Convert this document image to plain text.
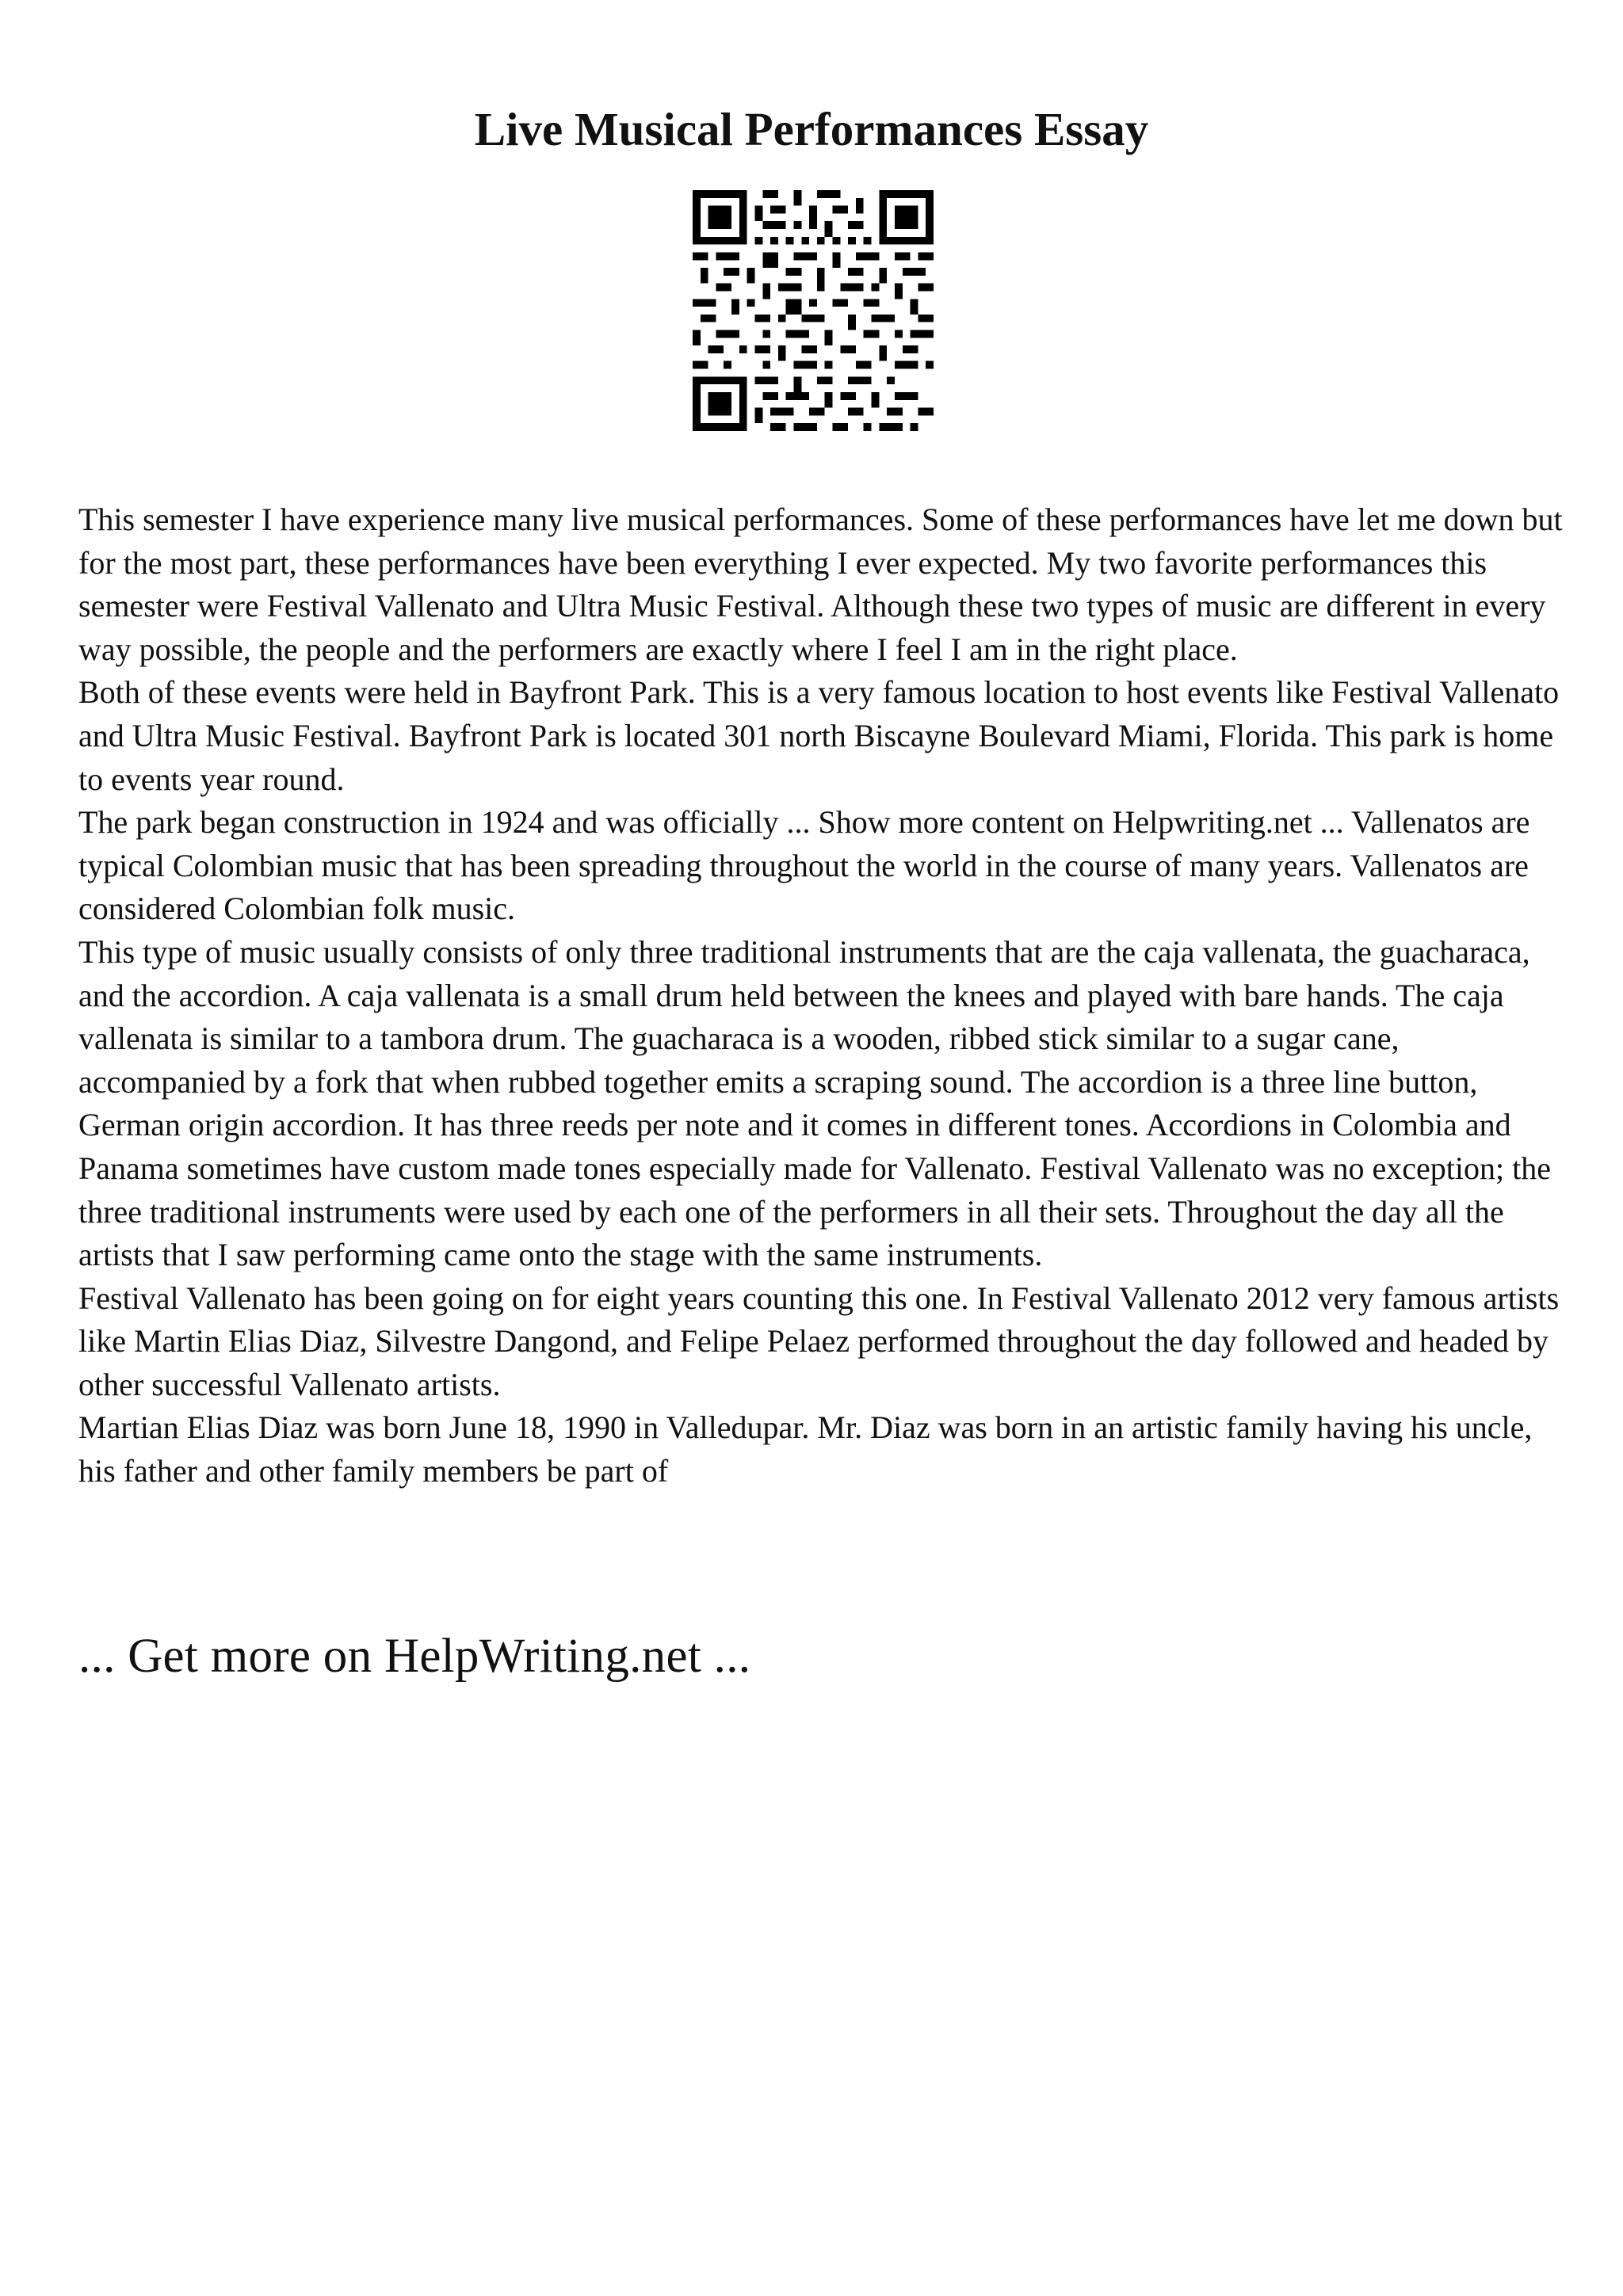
Live Musical Performances Essay

This semester I have experience many live musical performances. Some of these performances have let me down but for the most part, these performances have been everything I ever expected. My two favorite performances this semester were Festival Vallenato and Ultra Music Festival. Although these two types of music are different in every way possible, the people and the performers are exactly where I feel I am in the right place.

Both of these events were held in Bayfront Park. This is a very famous location to host events like Festival Vallenato and Ultra Music Festival. Bayfront Park is located 301 north Biscayne Boulevard Miami, Florida. This park is home to events year round.

The park began construction in 1924 and was officially ... Show more content on Helpwriting.net ... Vallenatos are typical Colombian music that has been spreading throughout the world in the course of many years. Vallenatos are considered Colombian folk music.

This type of music usually consists of only three traditional instruments that are the caja vallenata, the guacharaca, and the accordion. A caja vallenata is a small drum held between the knees and played with bare hands. The caja vallenata is similar to a tambora drum. The guacharaca is a wooden, ribbed stick similar to a sugar cane, accompanied by a fork that when rubbed together emits a scraping sound. The accordion is a three line button, German origin accordion. It has three reeds per note and it comes in different tones. Accordions in Colombia and Panama sometimes have custom made tones especially made for Vallenato. Festival Vallenato was no exception; the three traditional instruments were used by each one of the performers in all their sets. Throughout the day all the artists that I saw performing came onto the stage with the same instruments.

Festival Vallenato has been going on for eight years counting this one. In Festival Vallenato 2012 very famous artists like Martin Elias Diaz, Silvestre Dangond, and Felipe Pelaez performed throughout the day followed and headed by other successful Vallenato artists.

Martian Elias Diaz was born June 18, 1990 in Valledupar. Mr. Diaz was born in an artistic family having his uncle, his father and other family members be part of

... Get more on HelpWriting.net ...
